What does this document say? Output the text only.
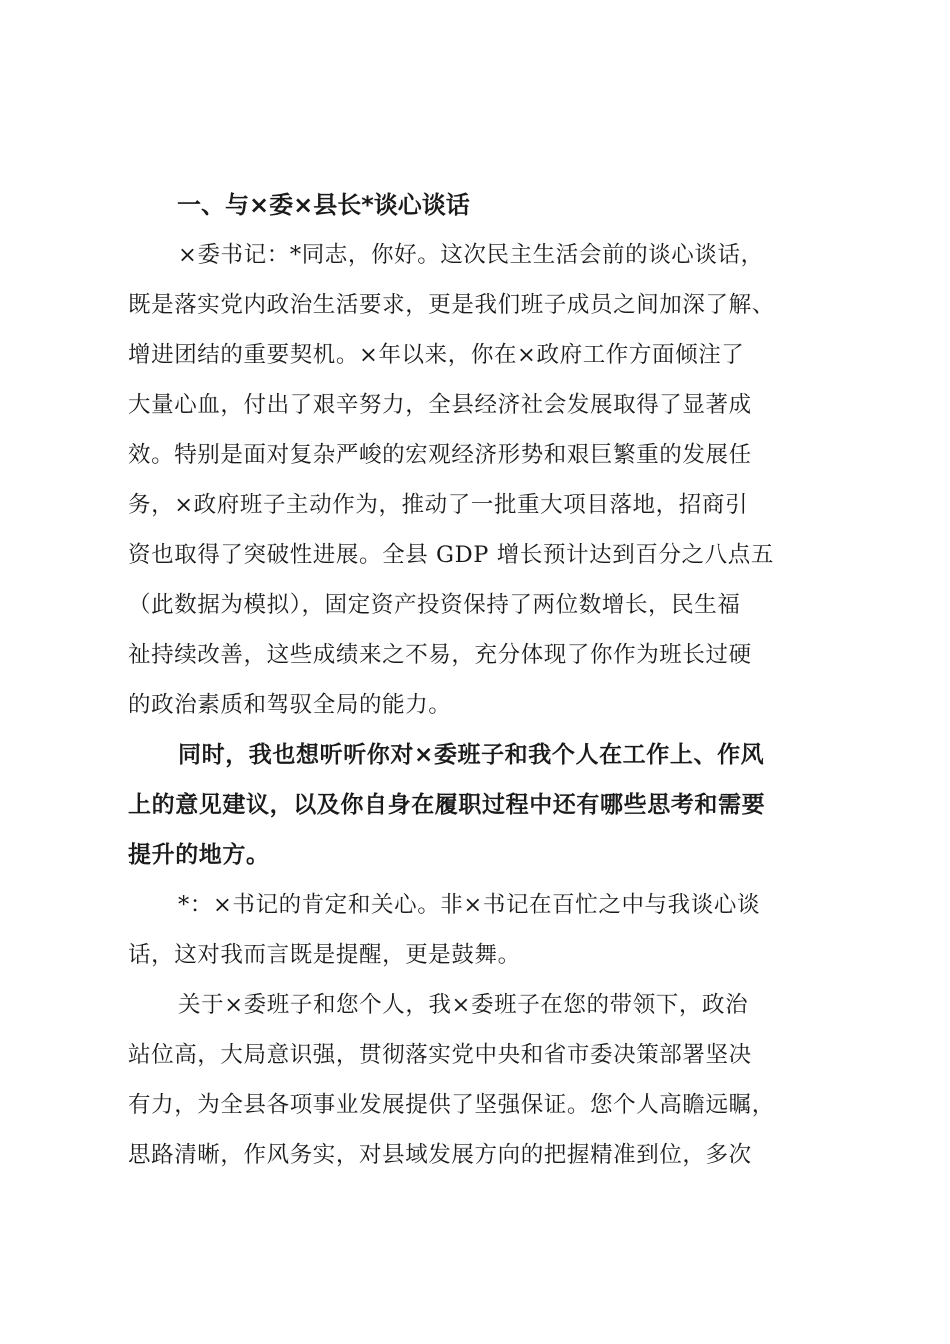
一、与×委×县长*谈心谈话

×委书记：*同志，你好。这次民主生活会前的谈心谈话，
既是落实党内政治生活要求，更是我们班子成员之间加深了解、
增进团结的重要契机。×年以来，你在×政府工作方面倾注了
大量心血，付出了艰辛努力，全县经济社会发展取得了显著成
效。特别是面对复杂严峻的宏观经济形势和艰巨繁重的发展任
务，×政府班子主动作为，推动了一批重大项目落地，招商引
资也取得了突破性进展。全县 GDP 增长预计达到百分之八点五
（此数据为模拟），固定资产投资保持了两位数增长，民生福
祉持续改善，这些成绩来之不易，充分体现了你作为班长过硬
的政治素质和驾驭全局的能力。

同时，我也想听听你对×委班子和我个人在工作上、作风
上的意见建议，以及你自身在履职过程中还有哪些思考和需要
提升的地方。

*：×书记的肯定和关心。非×书记在百忙之中与我谈心谈
话，这对我而言既是提醒，更是鼓舞。

关于×委班子和您个人，我×委班子在您的带领下，政治
站位高，大局意识强，贯彻落实党中央和省市委决策部署坚决
有力，为全县各项事业发展提供了坚强保证。您个人高瞻远瞩，
思路清晰，作风务实，对县域发展方向的把握精准到位，多次
